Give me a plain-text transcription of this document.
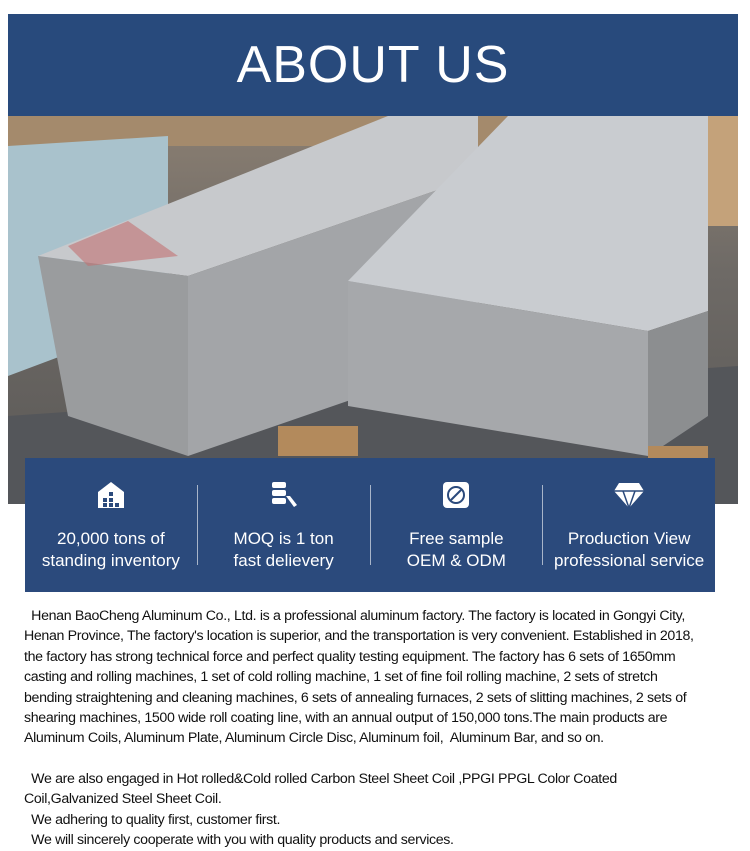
ABOUT US
20,000 tons of
standing inventory
MOQ is 1 ton
fast delievery
Free sample
OEM & ODM
Production View
professional service

Henan BaoCheng Aluminum Co., Ltd. is a professional aluminum factory. The factory is located in Gongyi City,

Henan Province, The factory's location is superior, and the transportation is very convenient. Established in 2018,

the factory has strong technical force and perfect quality testing equipment. The factory has 6 sets of 1650mm

casting and rolling machines, 1 set of cold rolling machine, 1 set of fine foil rolling machine, 2 sets of stretch

bending straightening and cleaning machines, 6 sets of annealing furnaces, 2 sets of slitting machines, 2 sets of

shearing machines, 1500 wide roll coating line, with an annual output of 150,000 tons.The main products are

Aluminum Coils, Aluminum Plate, Aluminum Circle Disc, Aluminum foil,  Aluminum Bar, and so on.

We are also engaged in Hot rolled&Cold rolled Carbon Steel Sheet Coil ,PPGI PPGL Color Coated

Coil,Galvanized Steel Sheet Coil.

We adhering to quality first, customer first.

We will sincerely cooperate with you with quality products and services.
